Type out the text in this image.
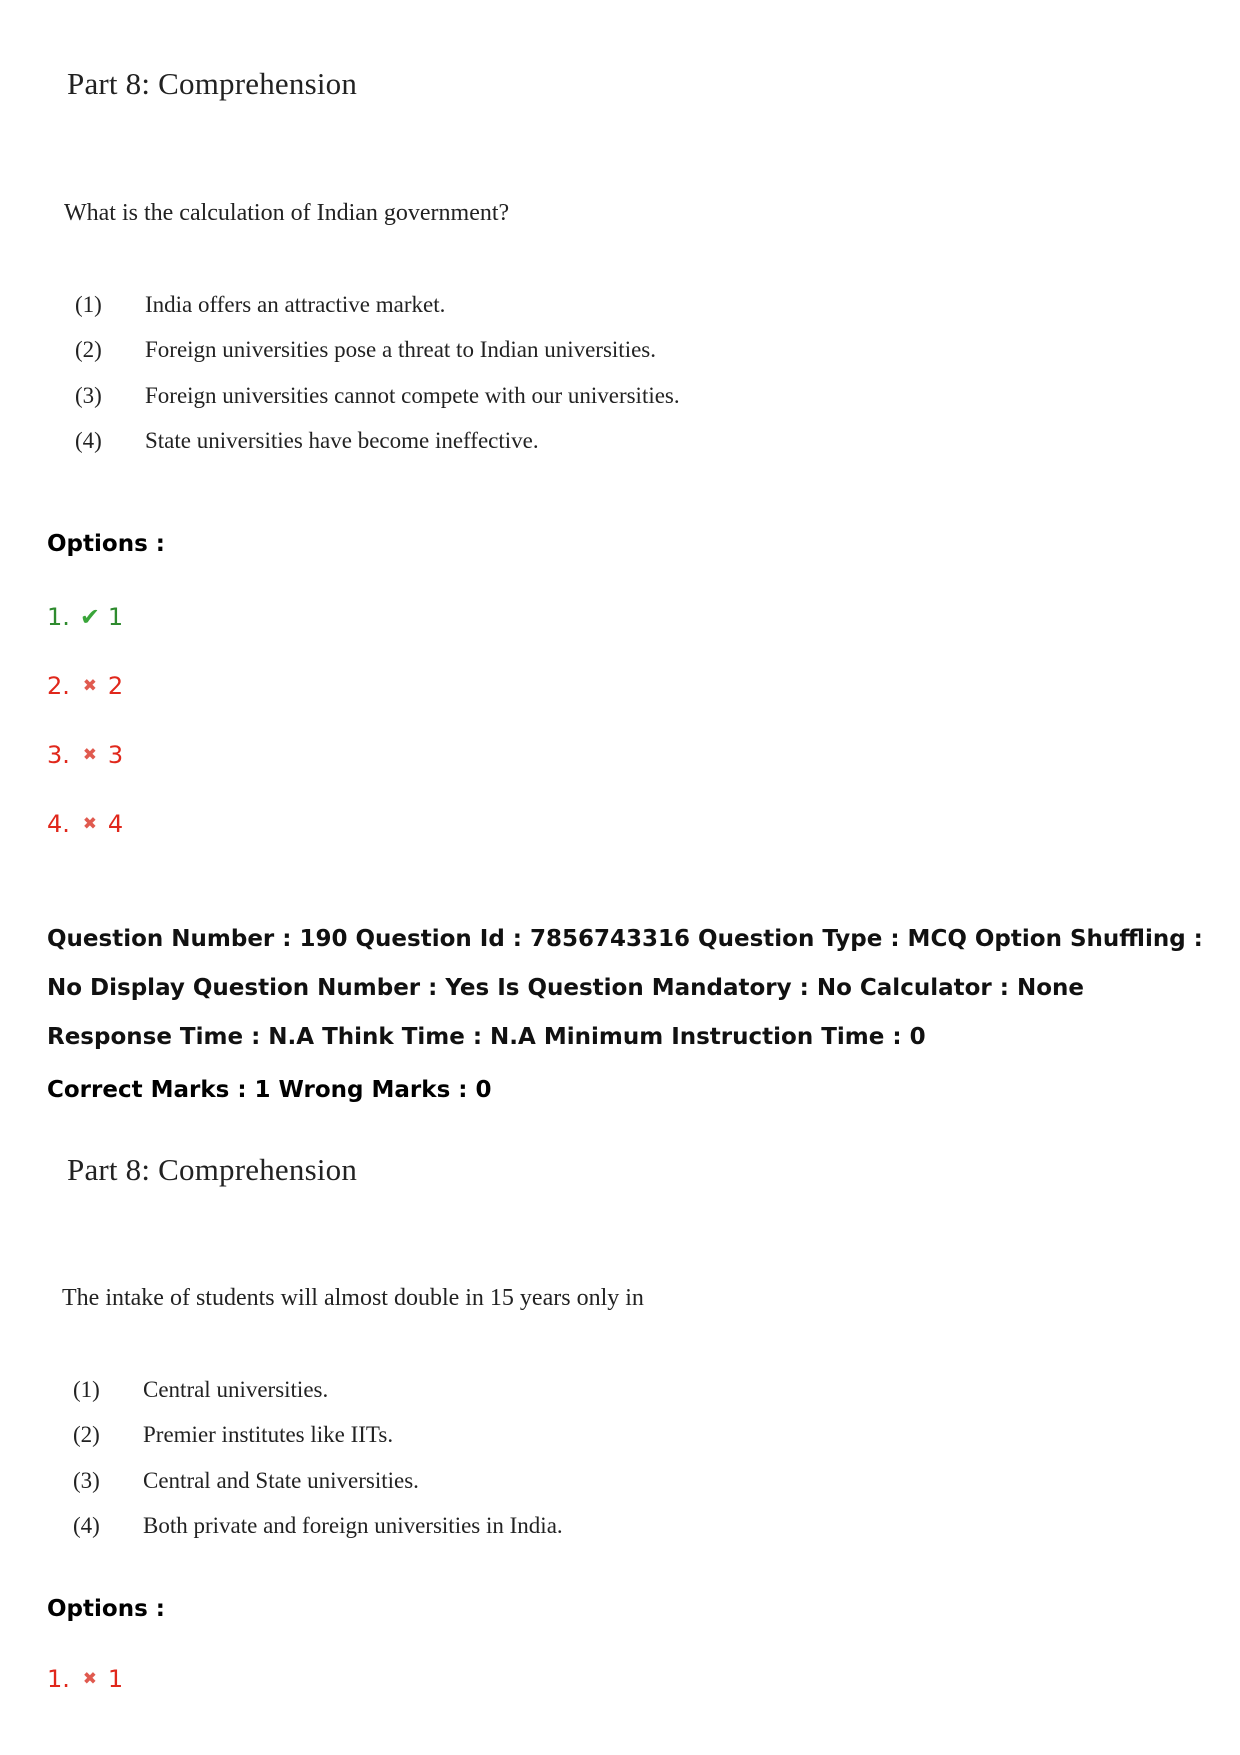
Part 8: Comprehension
What is the calculation of Indian government?
(1)	India offers an attractive market.
(2)	Foreign universities pose a threat to Indian universities.
(3)	Foreign universities cannot compete with our universities.
(4)	State universities have become ineffective.
Options :
1. ✔ 1
2. ✖ 2
3. ✖ 3
4. ✖ 4
Question Number : 190 Question Id : 7856743316 Question Type : MCQ Option Shuffling : No Display Question Number : Yes Is Question Mandatory : No Calculator : None Response Time : N.A Think Time : N.A Minimum Instruction Time : 0
Correct Marks : 1 Wrong Marks : 0
Part 8: Comprehension
The intake of students will almost double in 15 years only in
(1)	Central universities.
(2)	Premier institutes like IITs.
(3)	Central and State universities.
(4)	Both private and foreign universities in India.
Options :
1. ✖ 1
